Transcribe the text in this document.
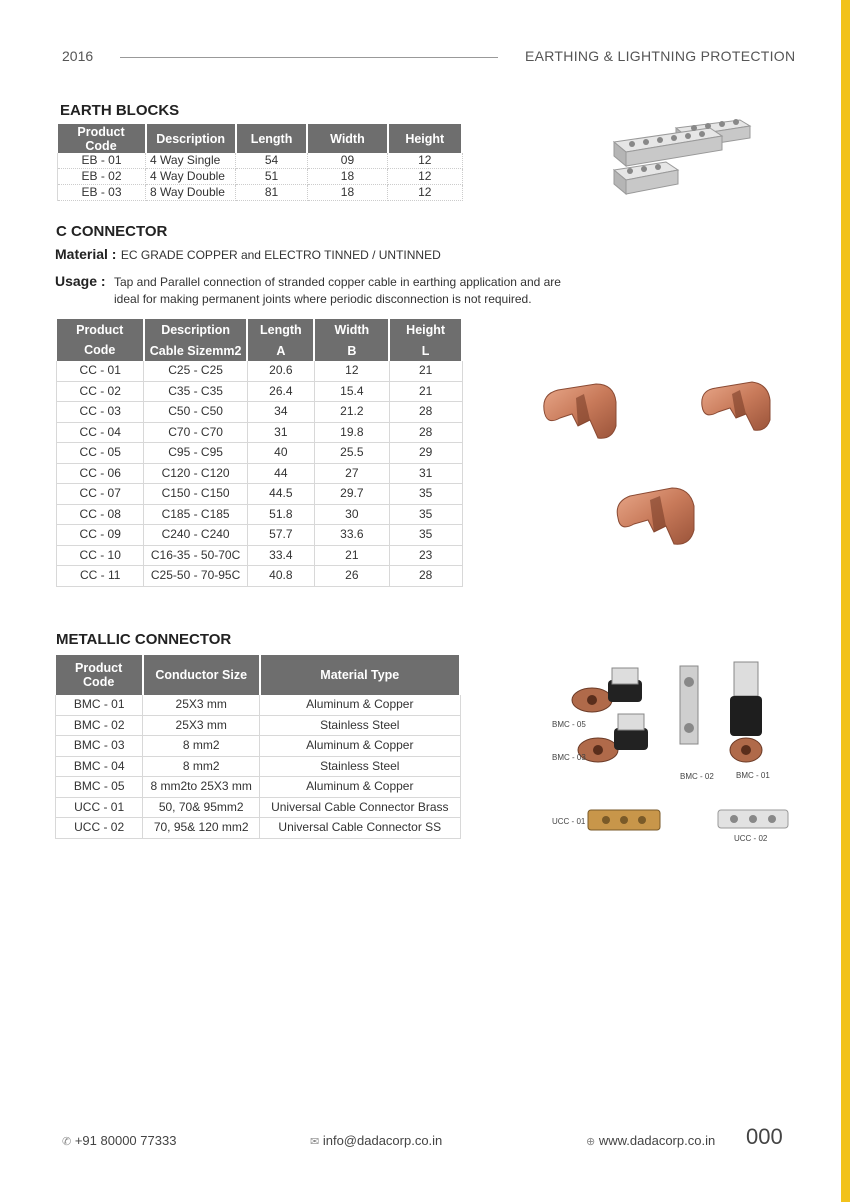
2016	EARTHING & LIGHTNING PROTECTION
EARTH BLOCKS
Product Code	Description	Length	Width	Height
EB - 01	4 Way Single	54	09	12
EB - 02	4 Way Double	51	18	12
EB - 03	8 Way Double	81	18	12
C CONNECTOR
Material : EC GRADE COPPER and ELECTRO TINNED / UNTINNED
Usage : Tap and Parallel connection of stranded copper cable in earthing application and are
ideal for making permanent joints where periodic disconnection is not required.
Product Code	Description	Length	Width	Height
	Cable Sizemm2	A	B	L
CC - 01	C25 - C25	20.6	12	21
CC - 02	C35 - C35	26.4	15.4	21
CC - 03	C50 - C50	34	21.2	28
CC - 04	C70 - C70	31	19.8	28
CC - 05	C95 - C95	40	25.5	29
CC - 06	C120 - C120	44	27	31
CC - 07	C150 - C150	44.5	29.7	35
CC - 08	C185 - C185	51.8	30	35
CC - 09	C240 - C240	57.7	33.6	35
CC - 10	C16-35 - 50-70C	33.4	21	23
CC - 11	C25-50 - 70-95C	40.8	26	28
METALLIC CONNECTOR
Product Code	Conductor Size	Material Type
BMC - 01	25X3 mm	Aluminum & Copper
BMC - 02	25X3 mm	Stainless Steel
BMC - 03	8 mm2	Aluminum & Copper
BMC - 04	8 mm2	Stainless Steel
BMC - 05	8 mm2to 25X3 mm	Aluminum & Copper
UCC - 01	50, 70& 95mm2	Universal Cable Connector Brass
UCC - 02	70, 95& 120 mm2	Universal Cable Connector SS
BMC - 05
BMC - 03
BMC - 02	BMC - 01
UCC - 01
UCC - 02
✆ +91 80000 77333	✉ info@dadacorp.co.in	⊕ www.dadacorp.co.in 000
